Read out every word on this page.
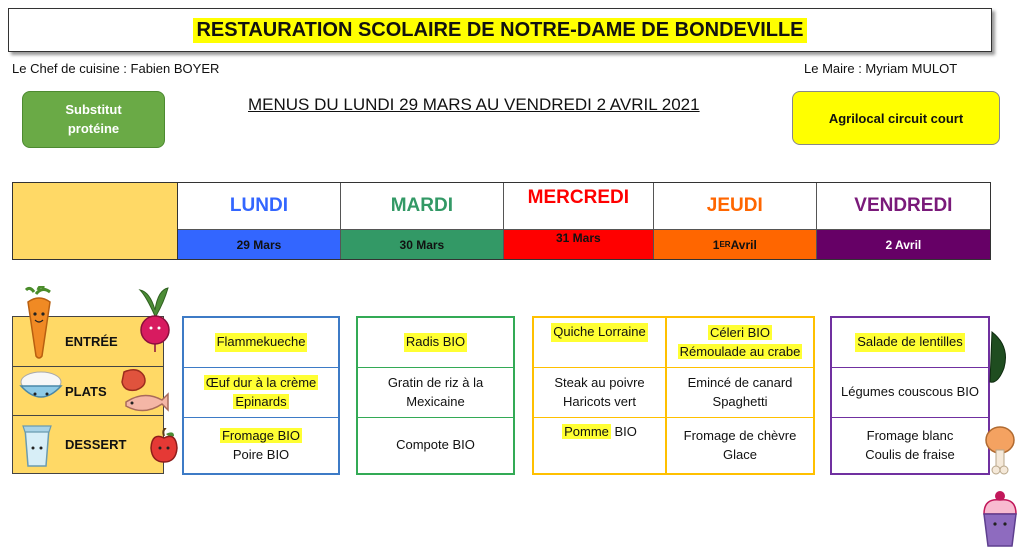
RESTAURATION SCOLAIRE DE NOTRE-DAME DE BONDEVILLE
Le Chef de cuisine : Fabien BOYER	Le Maire : Myriam MULOT
Substitut
protéine
MENUS DU LUNDI 29 MARS AU VENDREDI 2 AVRIL 2021
Agrilocal circuit court
LUNDI
29 Mars
MARDI
30 Mars
MERCREDI
31 Mars
JEUDI
1 ER Avril
VENDREDI
2 Avril
ENTRÉE
PLATS
DESSERT
Flammekueche
Œuf dur à la crème
Epinards
Fromage BIO
Poire BIO
Radis BIO
Gratin de riz à la
Mexicaine
Compote BIO
Quiche Lorraine
Steak au poivre
Haricots vert
Pomme BIO
Céleri BIO
Rémoulade au crabe
Emincé de canard
Spaghetti
Fromage de chèvre
Glace
Salade de lentilles
Légumes couscous BIO
Fromage blanc
Coulis de fraise
